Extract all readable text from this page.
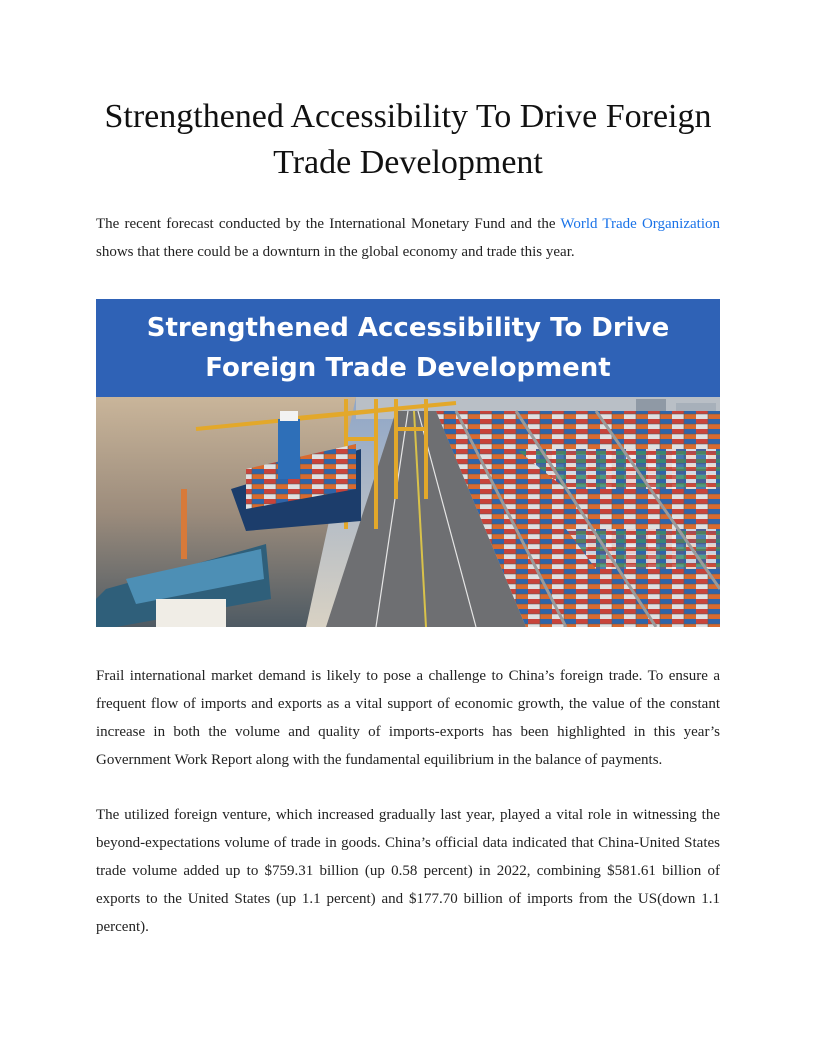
Strengthened Accessibility To Drive Foreign
Trade Development

The recent forecast conducted by the International Monetary Fund and the World Trade Organization shows that there could be a downturn in the global economy and trade this year.

Strengthened Accessibility To Drive
Foreign Trade Development

Frail international market demand is likely to pose a challenge to China’s foreign trade. To ensure a frequent flow of imports and exports as a vital support of economic growth, the value of the constant increase in both the volume and quality of imports-exports has been highlighted in this year’s Government Work Report along with the fundamental equilibrium in the balance of payments.

The utilized foreign venture, which increased gradually last year, played a vital role in witnessing the beyond-expectations volume of trade in goods. China’s official data indicated that China-United States trade volume added up to $759.31 billion (up 0.58 percent) in 2022, combining $581.61 billion of exports to the United States (up 1.1 percent) and $177.70 billion of imports from the US(down 1.1 percent).
